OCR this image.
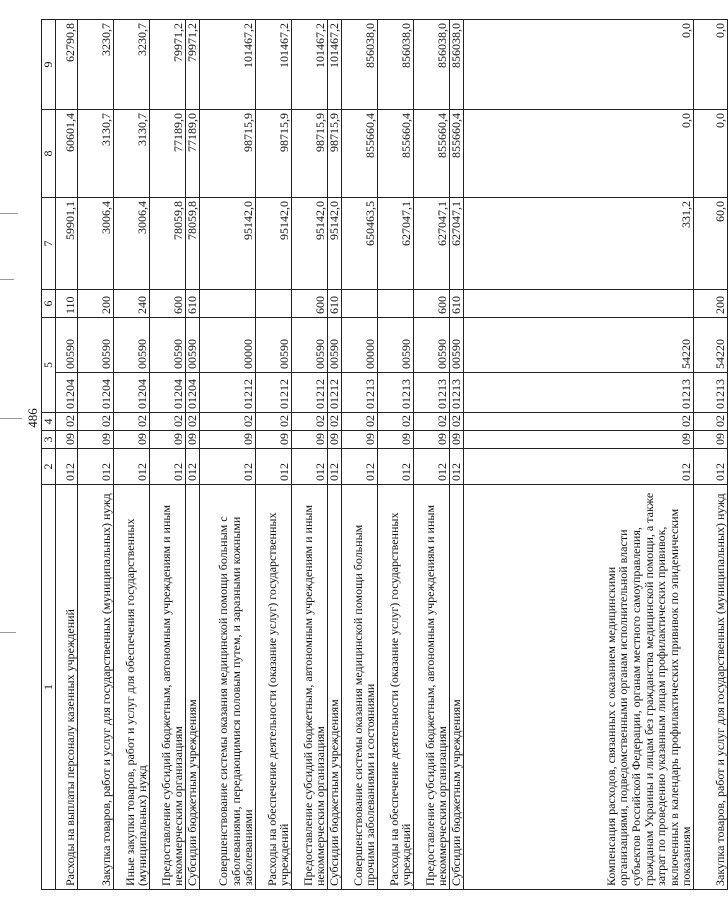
486
1	2	3	4	5		6	7	8	9
Расходы на выплаты персоналу казенных учреждений	012	09	02	01204	00590	110	59901,1	60601,4	62790,8
Закупка товаров, работ и услуг для государственных (муниципальных) нужд	012	09	02	01204	00590	200	3006,4	3130,7	3230,7
Иные закупки товаров, работ и услуг для обеспечения государственных (муниципальных) нужд	012	09	02	01204	00590	240	3006,4	3130,7	3230,7
Предоставление субсидий бюджетным, автономным учреждениям и иным некоммерческим организациям	012	09	02	01204	00590	600	78059,8	77189,0	79971,2
Субсидии бюджетным учреждениям	012	09	02	01204	00590	610	78059,8	77189,0	79971,2
Совершенствование системы оказания медицинской помощи больным с заболеваниями, передающимися половым путем, и заразными кожными заболеваниями	012	09	02	01212	00000		95142,0	98715,9	101467,2
Расходы на обеспечение деятельности (оказание услуг) государственных учреждений	012	09	02	01212	00590		95142,0	98715,9	101467,2
Предоставление субсидий бюджетным, автономным учреждениям и иным некоммерческим организациям	012	09	02	01212	00590	600	95142,0	98715,9	101467,2
Субсидии бюджетным учреждениям	012	09	02	01212	00590	610	95142,0	98715,9	101467,2
Совершенствование системы оказания медицинской помощи больным прочими заболеваниями и состояниями	012	09	02	01213	00000		650463,5	855660,4	856038,0
Расходы на обеспечение деятельности (оказание услуг) государственных учреждений	012	09	02	01213	00590		627047,1	855660,4	856038,0
Предоставление субсидий бюджетным, автономным учреждениям и иным некоммерческим организациям	012	09	02	01213	00590	600	627047,1	855660,4	856038,0
Субсидии бюджетным учреждениям	012	09	02	01213	00590	610	627047,1	855660,4	856038,0
Компенсация расходов, связанных с оказанием медицинскими организациями, подведомственными органам исполнительной власти субъектов Российской Федерации, органам местного самоуправления, гражданам Украины и лицам без гражданства медицинской помощи, а также затрат по проведению указанным лицам профилактических прививок, включенных в календарь профилактических прививок по эпидемическим показаниям	012	09	02	01213	54220		331,2	0,0	0,0
Закупка товаров, работ и услуг для государственных (муниципальных) нужд	012	09	02	01213	54220	200	60,0	0,0	0,0
